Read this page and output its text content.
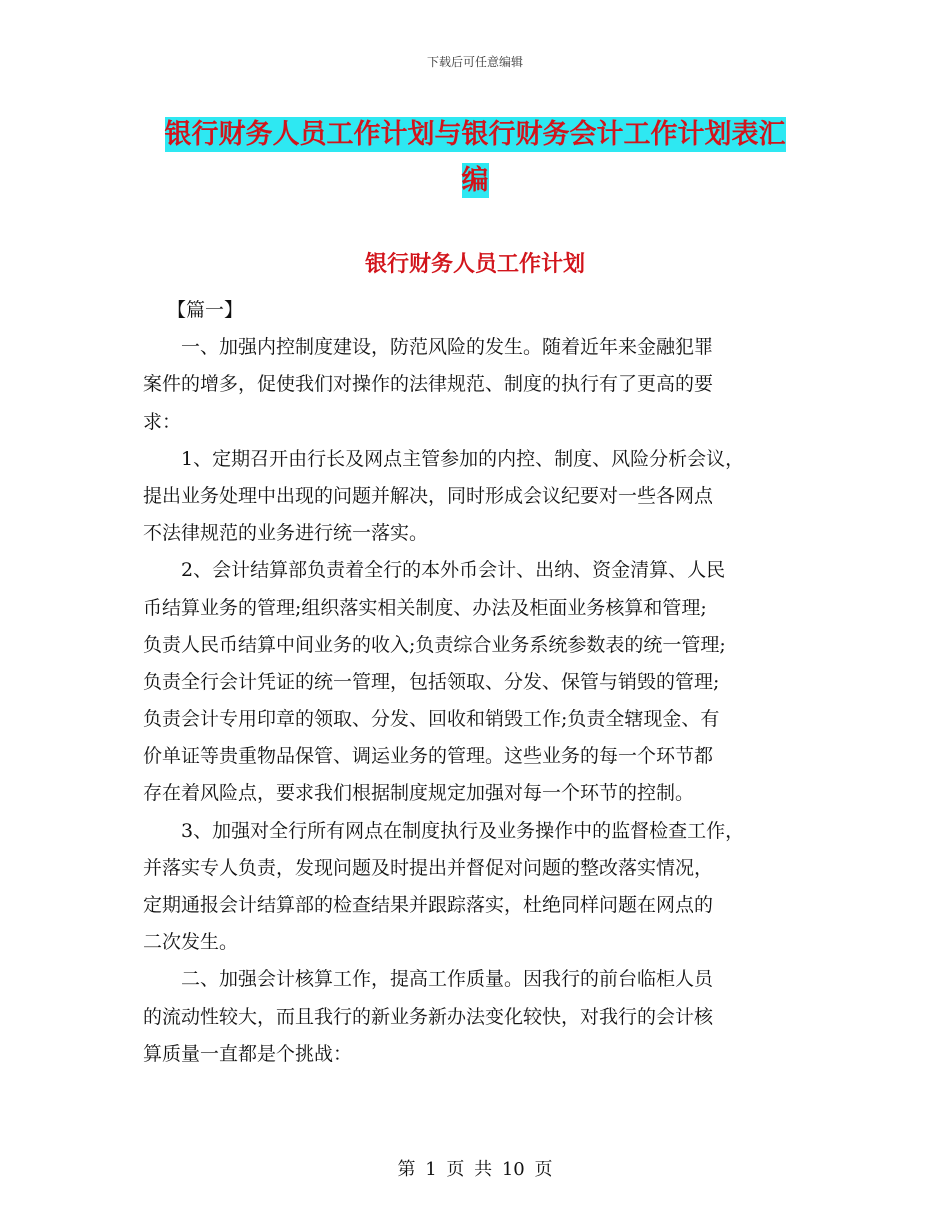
下载后可任意编辑
银行财务人员工作计划与银行财务会计工作计划表汇
编
银行财务人员工作计划
【篇一】
一、加强内控制度建设，防范风险的发生。随着近年来金融犯罪
案件的增多，促使我们对操作的法律规范、制度的执行有了更高的要
求：
1、定期召开由行长及网点主管参加的内控、制度、风险分析会议，
提出业务处理中出现的问题并解决，同时形成会议纪要对一些各网点
不法律规范的业务进行统一落实。
2、会计结算部负责着全行的本外币会计、出纳、资金清算、人民
币结算业务的管理;组织落实相关制度、办法及柜面业务核算和管理;
负责人民币结算中间业务的收入;负责综合业务系统参数表的统一管理;
负责全行会计凭证的统一管理，包括领取、分发、保管与销毁的管理;
负责会计专用印章的领取、分发、回收和销毁工作;负责全辖现金、有
价单证等贵重物品保管、调运业务的管理。这些业务的每一个环节都
存在着风险点，要求我们根据制度规定加强对每一个环节的控制。
3、加强对全行所有网点在制度执行及业务操作中的监督检查工作，
并落实专人负责，发现问题及时提出并督促对问题的整改落实情况，
定期通报会计结算部的检查结果并跟踪落实，杜绝同样问题在网点的
二次发生。
二、加强会计核算工作，提高工作质量。因我行的前台临柜人员
的流动性较大，而且我行的新业务新办法变化较快，对我行的会计核
算质量一直都是个挑战：
第 1 页 共 10 页
